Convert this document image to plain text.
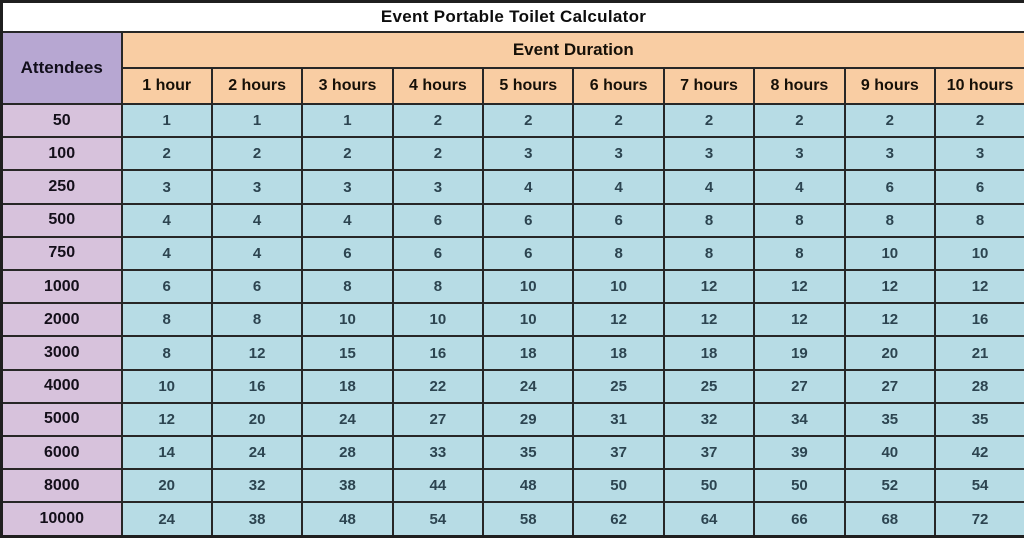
Event Portable Toilet Calculator										
Attendees	Event Duration									
	1 hour	2 hours	3 hours	4 hours	5 hours	6 hours	7 hours	8 hours	9 hours	10 hours
50	1	1	1	2	2	2	2	2	2	2
100	2	2	2	2	3	3	3	3	3	3
250	3	3	3	3	4	4	4	4	6	6
500	4	4	4	6	6	6	8	8	8	8
750	4	4	6	6	6	8	8	8	10	10
1000	6	6	8	8	10	10	12	12	12	12
2000	8	8	10	10	10	12	12	12	12	16
3000	8	12	15	16	18	18	18	19	20	21
4000	10	16	18	22	24	25	25	27	27	28
5000	12	20	24	27	29	31	32	34	35	35
6000	14	24	28	33	35	37	37	39	40	42
8000	20	32	38	44	48	50	50	50	52	54
10000	24	38	48	54	58	62	64	66	68	72
